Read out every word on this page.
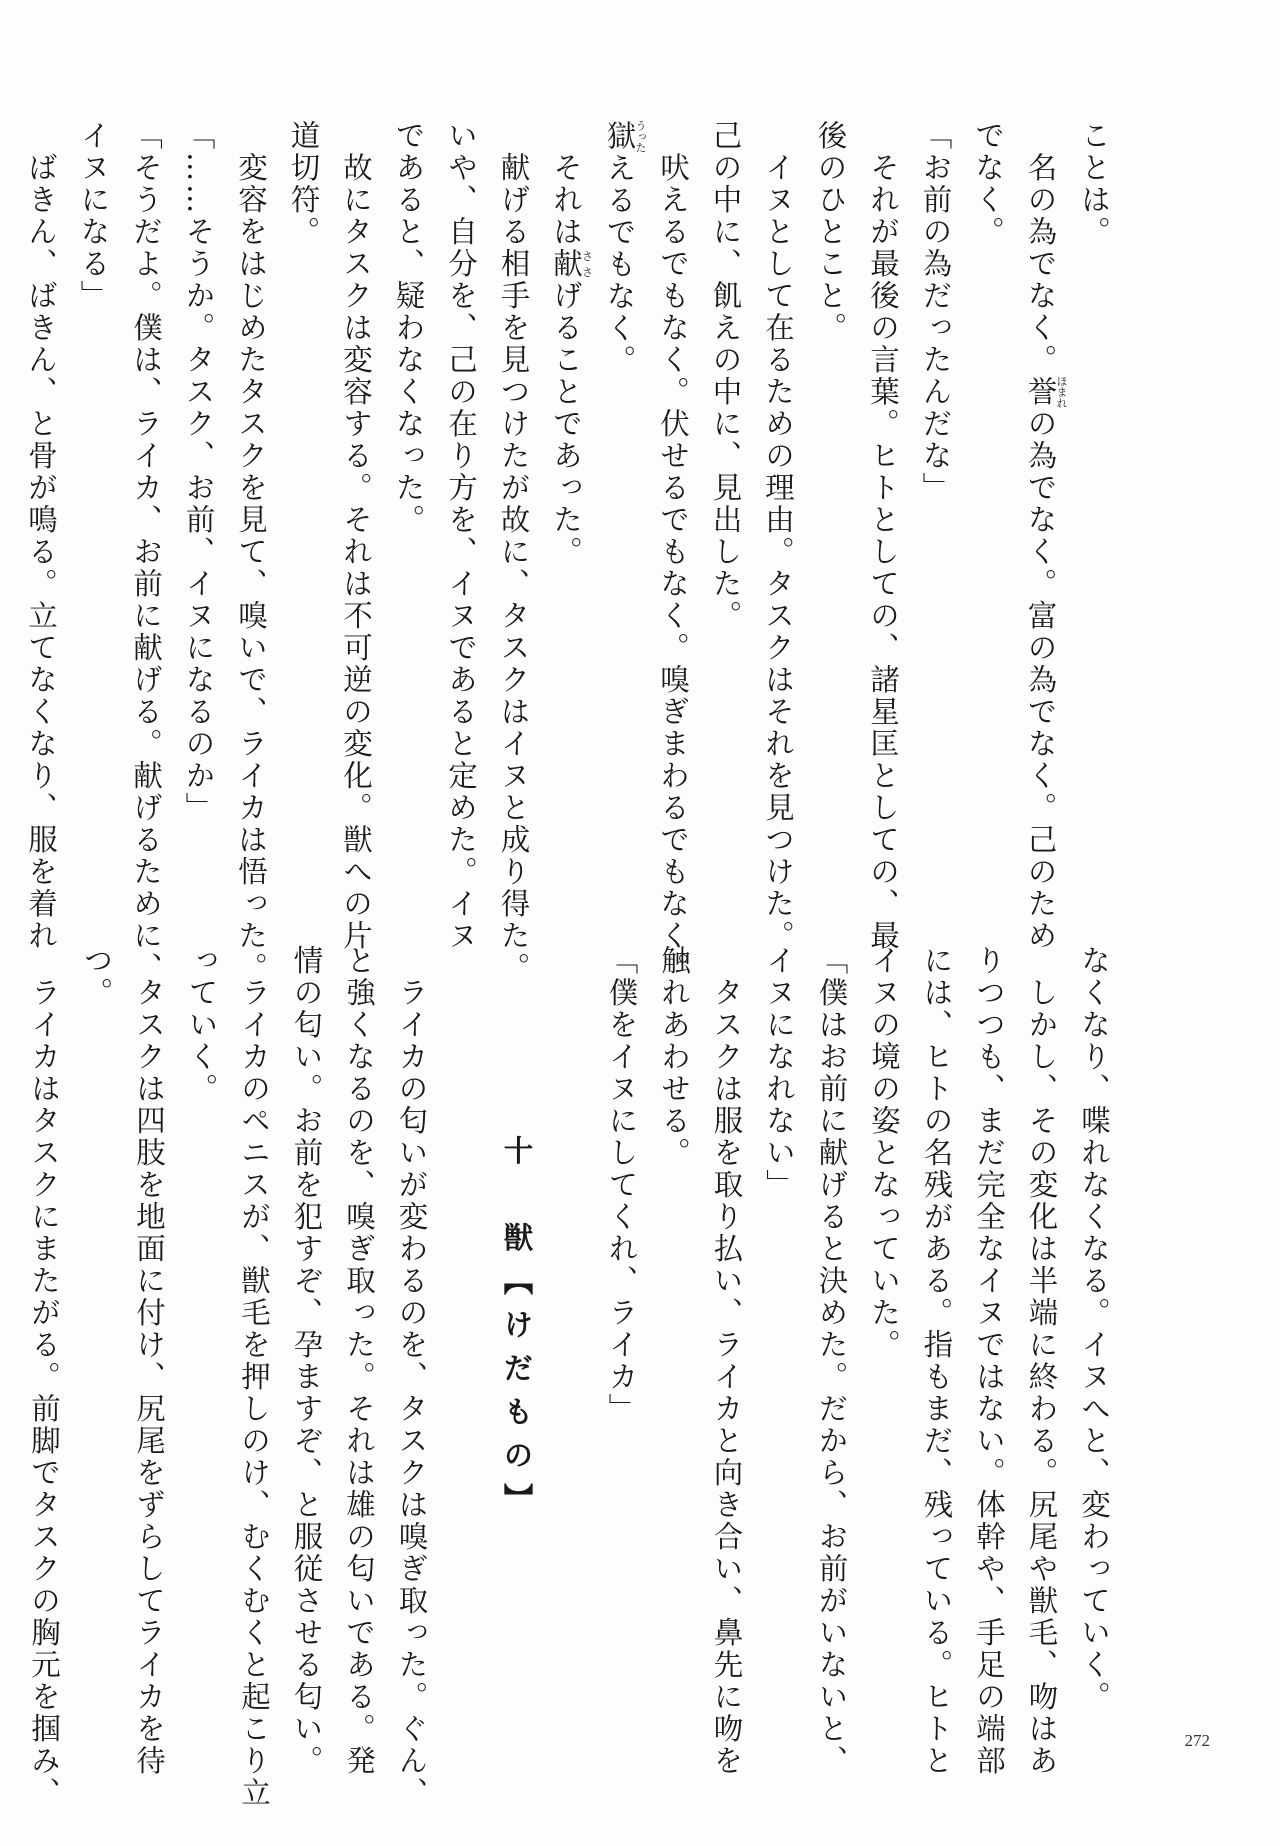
ことは。
　名の為でなく。誉ほまれの為でなく。富の為でなく。己のため
でなく。
「お前の為だったんだな」
　それが最後の言葉。ヒトとしての、諸星匡としての、最
後のひとこと。
　イヌとして在るための理由。タスクはそれを見つけた。
己の中に、飢えの中に、見出した。
　吠えるでもなく。伏せるでもなく。嗅ぎまわるでもなく。
獄うったえるでもなく。
　それは献ささげることであった。
　献げる相手を見つけたが故に、タスクはイヌと成り得た。
いや、自分を、己の在り方を、イヌであると定めた。イヌ
であると、疑わなくなった。
　故にタスクは変容する。それは不可逆の変化。獣への片
道切符。
　変容をはじめたタスクを見て、嗅いで、ライカは悟った。
「……そうか。タスク、お前、イヌになるのか」
「そうだよ。僕は、ライカ、お前に献げる。献げるために、
イヌになる」
　ばきん、ばきん、と骨が鳴る。立てなくなり、服を着れ
なくなり、喋れなくなる。イヌへと、変わっていく。
　しかし、その変化は半端に終わる。尻尾や獣毛、吻はあ
りつつも、まだ完全なイヌではない。体幹や、手足の端部
には、ヒトの名残がある。指もまだ、残っている。ヒトと
イヌの境の姿となっていた。
「僕はお前に献げると決めた。だから、お前がいないと、
イヌになれない」
　タスクは服を取り払い、ライカと向き合い、鼻先に吻を
触れあわせる。
「僕をイヌにしてくれ、ライカ」
十　獣【けだもの】
　ライカの匂いが変わるのを、タスクは嗅ぎ取った。ぐん、
と強くなるのを、嗅ぎ取った。それは雄の匂いである。発
情の匂い。お前を犯すぞ、孕ますぞ、と服従させる匂い。
　ライカのペニスが、獣毛を押しのけ、むくむくと起こり立
っていく。
　タスクは四肢を地面に付け、尻尾をずらしてライカを待
つ。
　ライカはタスクにまたがる。前脚でタスクの胸元を掴み、	272
